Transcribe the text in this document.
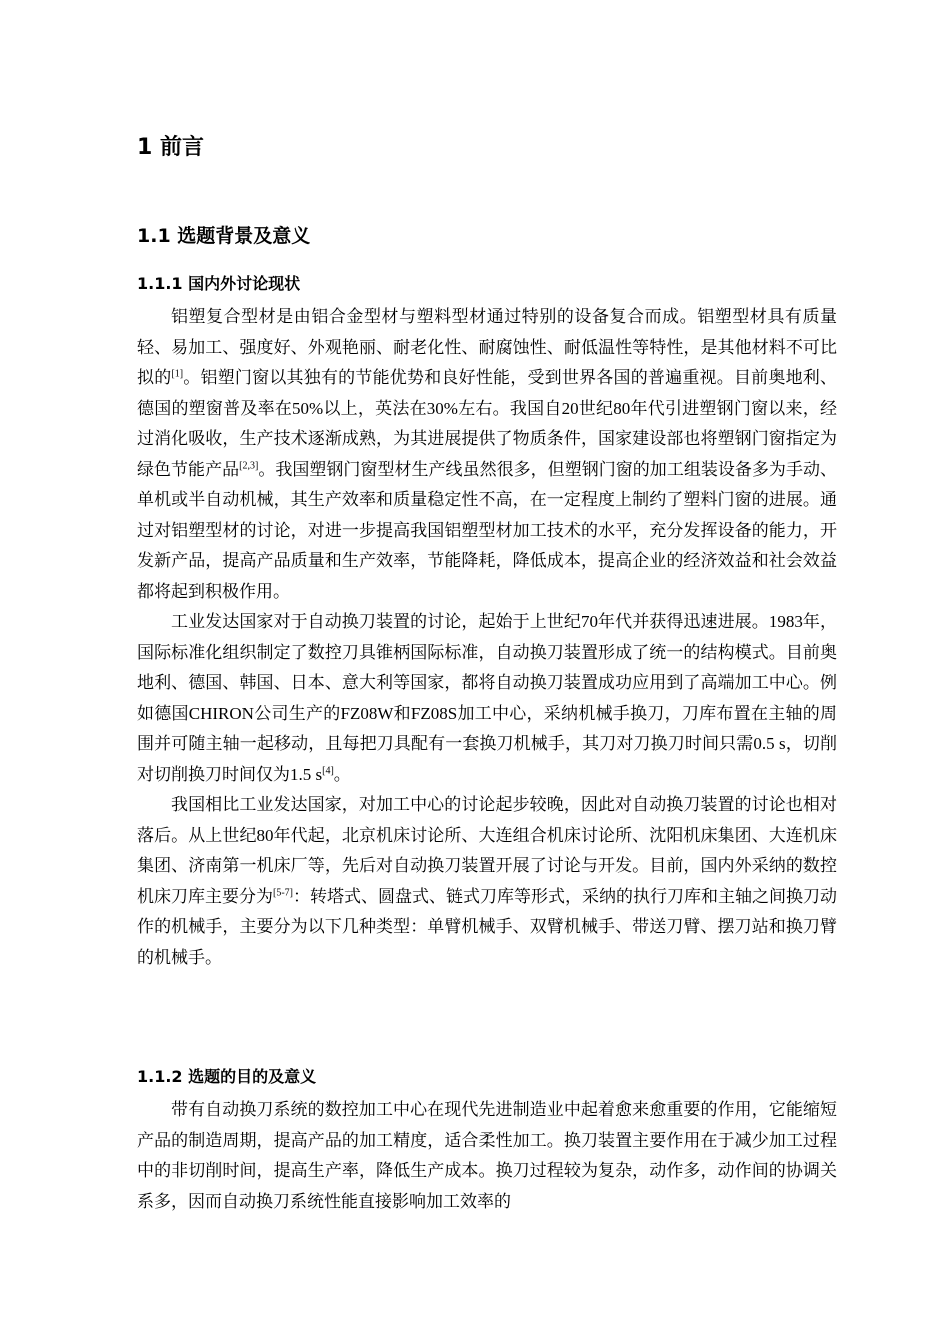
1 前言
1.1 选题背景及意义
1.1.1 国内外讨论现状

铝塑复合型材是由铝合金型材与塑料型材通过特别的设备复合而成。铝塑型材具有质量轻、易加工、强度好、外观艳丽、耐老化性、耐腐蚀性、耐低温性等特性，是其他材料不可比拟的[1]。铝塑门窗以其独有的节能优势和良好性能，受到世界各国的普遍重视。目前奥地利、德国的塑窗普及率在50%以上，英法在30%左右。我国自20世纪80年代引进塑钢门窗以来，经过消化吸收，生产技术逐渐成熟，为其进展提供了物质条件，国家建设部也将塑钢门窗指定为绿色节能产品[2,3]。我国塑钢门窗型材生产线虽然很多，但塑钢门窗的加工组装设备多为手动、单机或半自动机械，其生产效率和质量稳定性不高，在一定程度上制约了塑料门窗的进展。通过对铝塑型材的讨论，对进一步提高我国铝塑型材加工技术的水平，充分发挥设备的能力，开发新产品，提高产品质量和生产效率，节能降耗，降低成本，提高企业的经济效益和社会效益都将起到积极作用。

工业发达国家对于自动换刀装置的讨论，起始于上世纪70年代并获得迅速进展。1983年，国际标准化组织制定了数控刀具锥柄国际标准，自动换刀装置形成了统一的结构模式。目前奥地利、德国、韩国、日本、意大利等国家，都将自动换刀装置成功应用到了高端加工中心。例如德国CHIRON公司生产的FZ08W和FZ08S加工中心，采纳机械手换刀，刀库布置在主轴的周围并可随主轴一起移动，且每把刀具配有一套换刀机械手，其刀对刀换刀时间只需0.5 s，切削对切削换刀时间仅为1.5 s[4]。

我国相比工业发达国家，对加工中心的讨论起步较晚，因此对自动换刀装置的讨论也相对落后。从上世纪80年代起，北京机床讨论所、大连组合机床讨论所、沈阳机床集团、大连机床集团、济南第一机床厂等，先后对自动换刀装置开展了讨论与开发。目前，国内外采纳的数控机床刀库主要分为[5-7]：转塔式、圆盘式、链式刀库等形式，采纳的执行刀库和主轴之间换刀动作的机械手，主要分为以下几种类型：单臂机械手、双臂机械手、带送刀臂、摆刀站和换刀臂的机械手。

1.1.2 选题的目的及意义

带有自动换刀系统的数控加工中心在现代先进制造业中起着愈来愈重要的作用，它能缩短产品的制造周期，提高产品的加工精度，适合柔性加工。换刀装置主要作用在于减少加工过程中的非切削时间，提高生产率，降低生产成本。换刀过程较为复杂，动作多，动作间的协调关系多，因而自动换刀系统性能直接影响加工效率的
